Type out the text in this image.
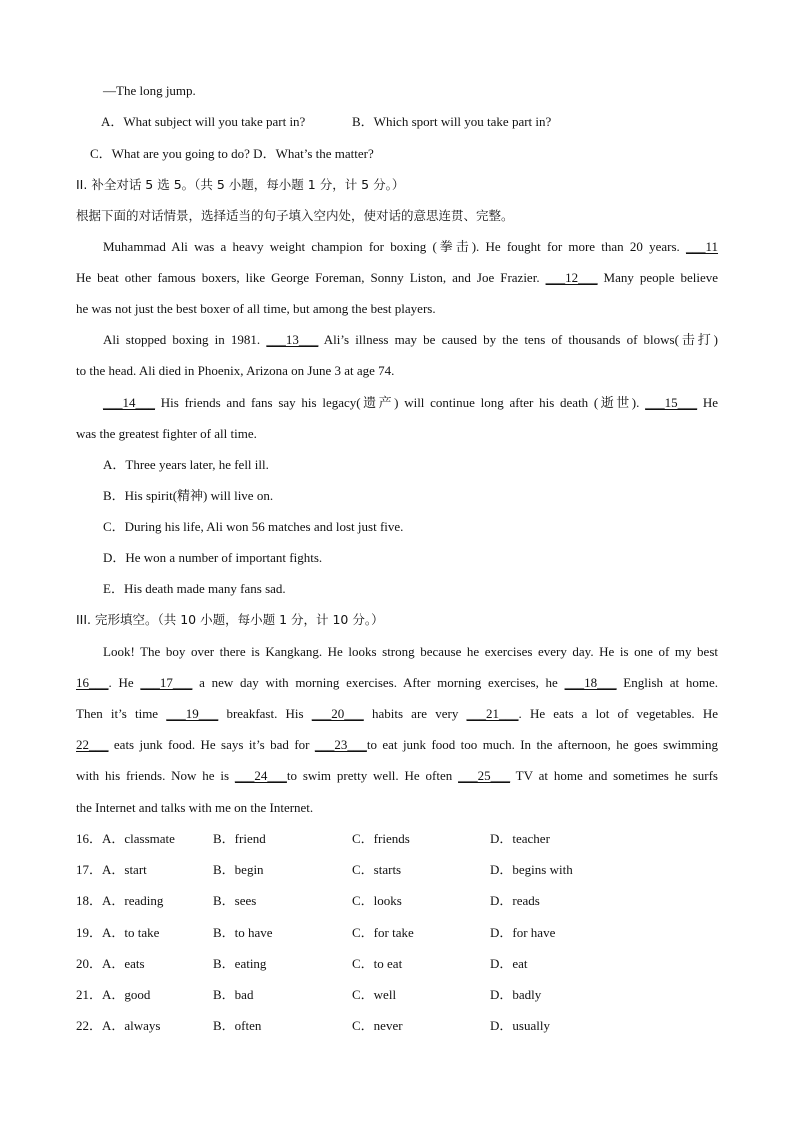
—The long jump.
A．What subject will you take part in?	B．Which sport will you take part in?
C．What are you going to do? D．What’s the matter?
II. 补全对话 5 选 5。（共 5 小题，每小题 1 分，计 5 分。）
根据下面的对话情景，选择适当的句子填入空内处，使对话的意思连贯、完整。
Muhammad Ali was a heavy weight champion for boxing (拳击). He fought for more than 20 years. ___11
He beat other famous boxers, like George Foreman, Sonny Liston, and Joe Frazier. ___12___ Many people believe
he was not just the best boxer of all time, but among the best players.
Ali stopped boxing in 1981. ___13___ Ali’s illness may be caused by the tens of thousands of blows(击打)
to the head. Ali died in Phoenix, Arizona on June 3 at age 74.
___14___ His friends and fans say his legacy(遗产) will continue long after his death (逝世). ___15___ He
was the greatest fighter of all time.
A．Three years later, he fell ill.
B．His spirit(精神) will live on.
C．During his life, Ali won 56 matches and lost just five.
D．He won a number of important fights.
E．His death made many fans sad.
III. 完形填空。（共 10 小题，每小题 1 分，计 10 分。）
Look! The boy over there is Kangkang. He looks strong because he exercises every day. He is one of my best
16___. He ___17___ a new day with morning exercises. After morning exercises, he ___18___ English at home.
Then it’s time ___19___ breakfast. His ___20___ habits are very ___21___. He eats a lot of vegetables. He
22___ eats junk food. He says it’s bad for ___23___to eat junk food too much. In the afternoon, he goes swimming
with his friends. Now he is ___24___to swim pretty well. He often ___25___ TV at home and sometimes he surfs
the Internet and talks with me on the Internet.
16．A．classmate	B．friend	C．friends	D．teacher
17．A．start	B．begin	C．starts	D．begins with
18．A．reading	B．sees	C．looks	D．reads
19．A．to take	B．to have	C．for take	D．for have
20．A．eats	B．eating	C．to eat	D．eat
21．A．good	B．bad	C．well	D．badly
22．A．always	B．often	C．never	D．usually
